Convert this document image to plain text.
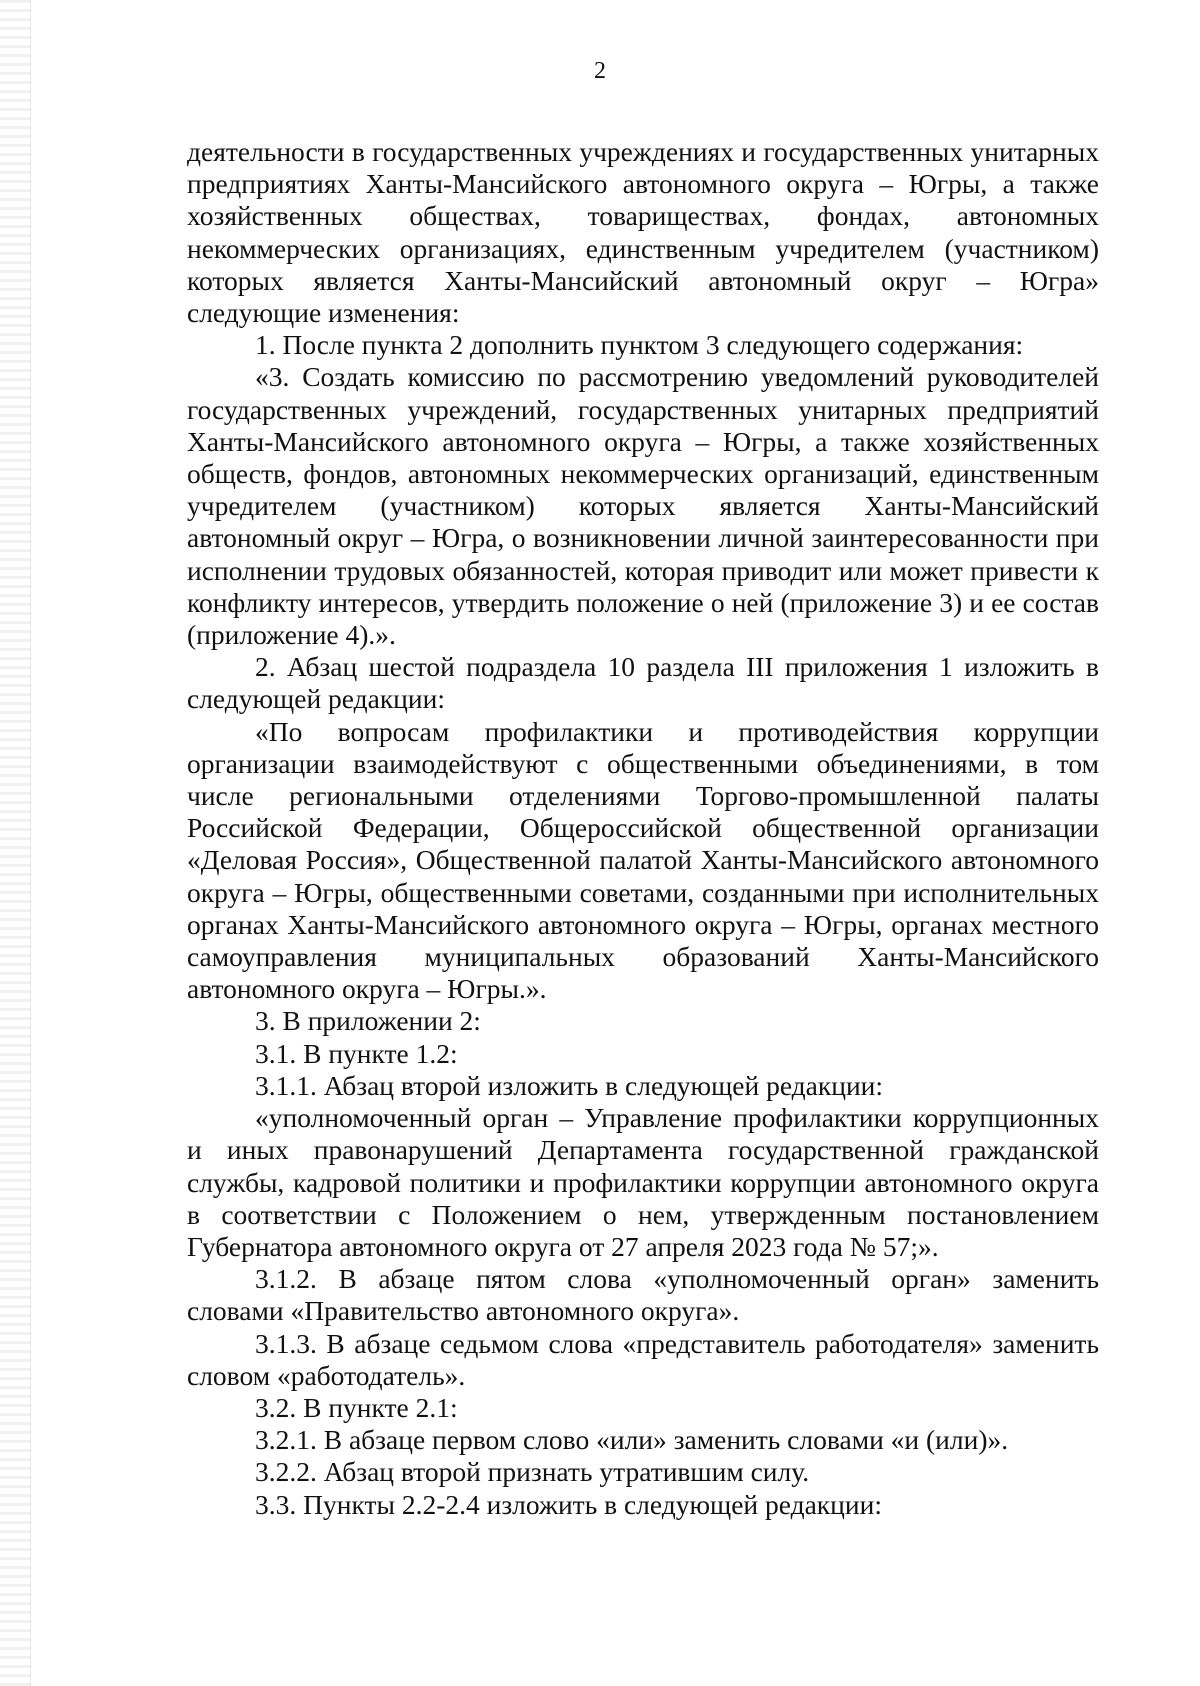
2

деятельности в государственных учреждениях и государственных унитарных предприятиях Ханты-Мансийского автономного округа – Югры, а также хозяйственных обществах, товариществах, фондах, автономных некоммерческих организациях, единственным учредителем (участником) которых является Ханты-Мансийский автономный округ – Югра» следующие изменения:

1. После пункта 2 дополнить пунктом 3 следующего содержания:

«3. Создать комиссию по рассмотрению уведомлений руководителей государственных учреждений, государственных унитарных предприятий Ханты-Мансийского автономного округа – Югры, а также хозяйственных обществ, фондов, автономных некоммерческих организаций, единственным учредителем (участником) которых является Ханты-Мансийский автономный округ – Югра, о возникновении личной заинтересованности при исполнении трудовых обязанностей, которая приводит или может привести к конфликту интересов, утвердить положение о ней (приложение 3) и ее состав (приложение 4).».

2. Абзац шестой подраздела 10 раздела III приложения 1 изложить в следующей редакции:

«По вопросам профилактики и противодействия коррупции организации взаимодействуют с общественными объединениями, в том числе региональными отделениями Торгово-промышленной палаты Российской Федерации, Общероссийской общественной организации «Деловая Россия», Общественной палатой Ханты-Мансийского автономного округа – Югры, общественными советами, созданными при исполнительных органах Ханты-Мансийского автономного округа – Югры, органах местного самоуправления муниципальных образований Ханты-Мансийского автономного округа – Югры.».

3. В приложении 2:

3.1. В пункте 1.2:

3.1.1. Абзац второй изложить в следующей редакции:

«уполномоченный орган – Управление профилактики коррупционных и иных правонарушений Департамента государственной гражданской службы, кадровой политики и профилактики коррупции автономного округа в соответствии с Положением о нем, утвержденным постановлением Губернатора автономного округа от 27 апреля 2023 года № 57;».

3.1.2. В абзаце пятом слова «уполномоченный орган» заменить словами «Правительство автономного округа».

3.1.3. В абзаце седьмом слова «представитель работодателя» заменить словом «работодатель».

3.2. В пункте 2.1:

3.2.1. В абзаце первом слово «или» заменить словами «и (или)».

3.2.2. Абзац второй признать утратившим силу.

3.3. Пункты 2.2-2.4 изложить в следующей редакции:
